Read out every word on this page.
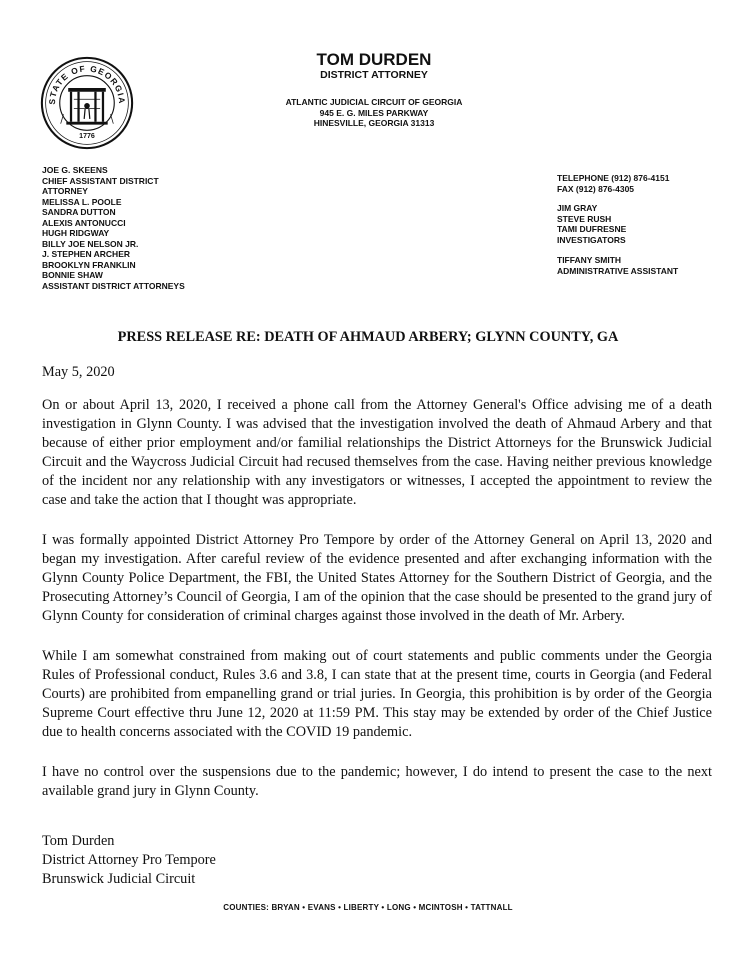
STATE OF GEORGIA
1776
TOM DURDEN
DISTRICT ATTORNEY
ATLANTIC JUDICIAL CIRCUIT OF GEORGIA
945 E. G. MILES PARKWAY
HINESVILLE, GEORGIA 31313
JOE G. SKEENS
CHIEF ASSISTANT DISTRICT
ATTORNEY
MELISSA L. POOLE
SANDRA DUTTON
ALEXIS ANTONUCCI
HUGH RIDGWAY
BILLY JOE NELSON JR.
J. STEPHEN ARCHER
BROOKLYN FRANKLIN
BONNIE SHAW
ASSISTANT DISTRICT ATTORNEYS
TELEPHONE (912) 876-4151
FAX (912) 876-4305
JIM GRAY
STEVE RUSH
TAMI DUFRESNE
INVESTIGATORS
TIFFANY SMITH
ADMINISTRATIVE ASSISTANT
PRESS RELEASE RE: DEATH OF AHMAUD ARBERY; GLYNN COUNTY, GA
May 5, 2020

On or about April 13, 2020, I received a phone call from the Attorney General's Office advising me of a death investigation in Glynn County. I was advised that the investigation involved the death of Ahmaud Arbery and that because of either prior employment and/or familial relationships the District Attorneys for the Brunswick Judicial Circuit and the Waycross Judicial Circuit had recused themselves from the case. Having neither previous knowledge of the incident nor any relationship with any investigators or witnesses, I accepted the appointment to review the case and take the action that I thought was appropriate.

I was formally appointed District Attorney Pro Tempore by order of the Attorney General on April 13, 2020 and began my investigation. After careful review of the evidence presented and after exchanging information with the Glynn County Police Department, the FBI, the United States Attorney for the Southern District of Georgia, and the Prosecuting Attorney’s Council of Georgia, I am of the opinion that the case should be presented to the grand jury of Glynn County for consideration of criminal charges against those involved in the death of Mr. Arbery.

While I am somewhat constrained from making out of court statements and public comments under the Georgia Rules of Professional conduct, Rules 3.6 and 3.8, I can state that at the present time, courts in Georgia (and Federal Courts) are prohibited from empanelling grand or trial juries. In Georgia, this prohibition is by order of the Georgia Supreme Court effective thru June 12, 2020 at 11:59 PM. This stay may be extended by order of the Chief Justice due to health concerns associated with the COVID 19 pandemic.

I have no control over the suspensions due to the pandemic; however, I do intend to present the case to the next available grand jury in Glynn County.

Tom Durden
District Attorney Pro Tempore
Brunswick Judicial Circuit
COUNTIES: BRYAN • EVANS • LIBERTY • LONG • MCINTOSH • TATTNALL
